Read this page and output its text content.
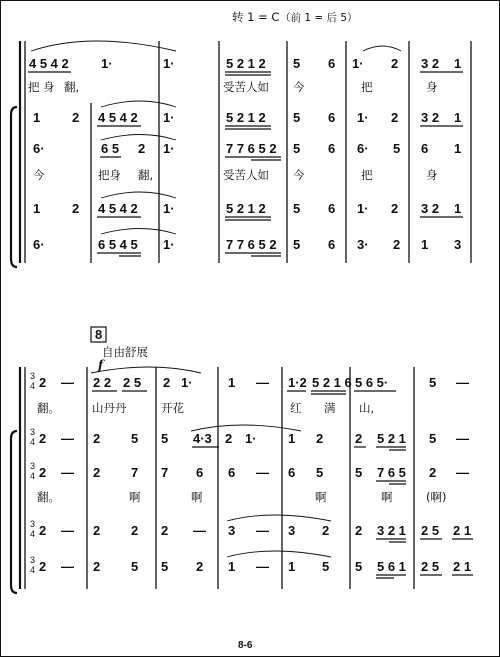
转 1 = C （前 1 = 后 5）
8
自由舒展
f
8-6
4 5 4 2 1·	1·	5 2 1 2 5 6 1· 2 3 2 1
把 身 翻,	受苦人如 今	把	身
1 2 4 5 4 2 1·	5 2 1 2 5 6 1· 2 3 2 1
6·	6 5 2 1·	7 7 6 5 2 5 6 6· 5 6 1
今	把身 翻,	受苦人如 今	把	身
1 2 4 5 4 2 1·	5 2 1 2 5 6 1· 2 3 2 1
6·	6 5 4 5 1·	7 7 6 5 2 5 6 3· 2 1 3
3
4
3
4
3
4
3
4
3
4
2 — 2 2 2 5 2 1·	1 — 1·2 5 2 1 6 5 6 5·	5 —
翻。	山丹丹	开花	红 满 山,
2 — 2 5 5 4·3 2 1· 1 2 2 5 2 1 5 —
2 — 2 7 7 6 6 — 6 5 5 7 6 5 2 —
翻。	啊	啊	啊	啊	(啊)
2 — 2 2 2 — 3 — 3 2 2 3 2 1 2 5 2 1
2 — 2 5 5 2 1 — 1 5 5 5 6 1 2 5 2 1
